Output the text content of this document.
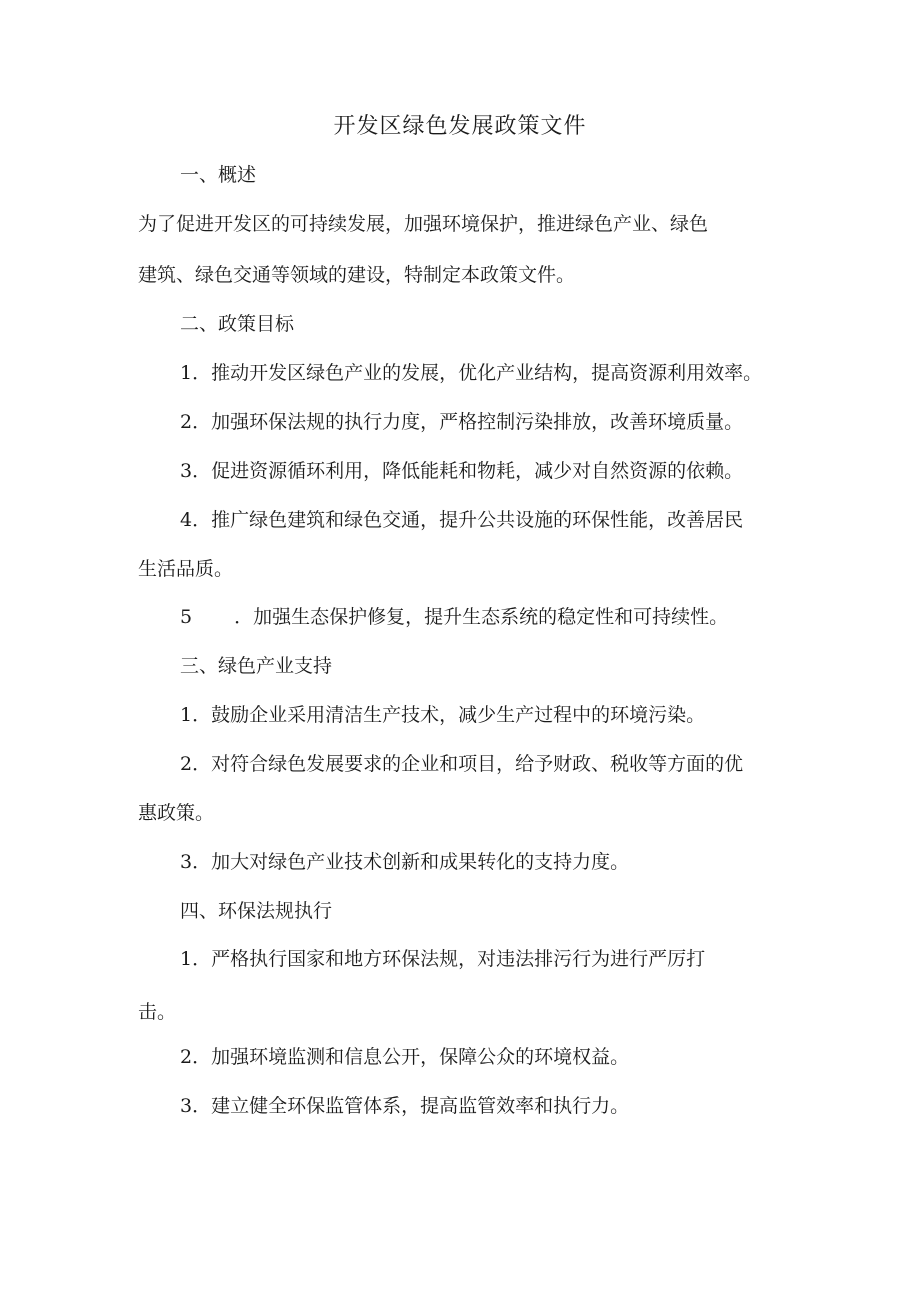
开发区绿色发展政策文件
一、概述
为了促进开发区的可持续发展，加强环境保护，推进绿色产业、绿色
建筑、绿色交通等领域的建设，特制定本政策文件。
二、政策目标
1．推动开发区绿色产业的发展，优化产业结构，提高资源利用效率。
2．加强环保法规的执行力度，严格控制污染排放，改善环境质量。
3．促进资源循环利用，降低能耗和物耗，减少对自然资源的依赖。
4．推广绿色建筑和绿色交通，提升公共设施的环保性能，改善居民
生活品质。
5 ．加强生态保护修复，提升生态系统的稳定性和可持续性。
三、绿色产业支持
1．鼓励企业采用清洁生产技术，减少生产过程中的环境污染。
2．对符合绿色发展要求的企业和项目，给予财政、税收等方面的优
惠政策。
3．加大对绿色产业技术创新和成果转化的支持力度。
四、环保法规执行
1．严格执行国家和地方环保法规，对违法排污行为进行严厉打
击。
2．加强环境监测和信息公开，保障公众的环境权益。
3．建立健全环保监管体系，提高监管效率和执行力。
